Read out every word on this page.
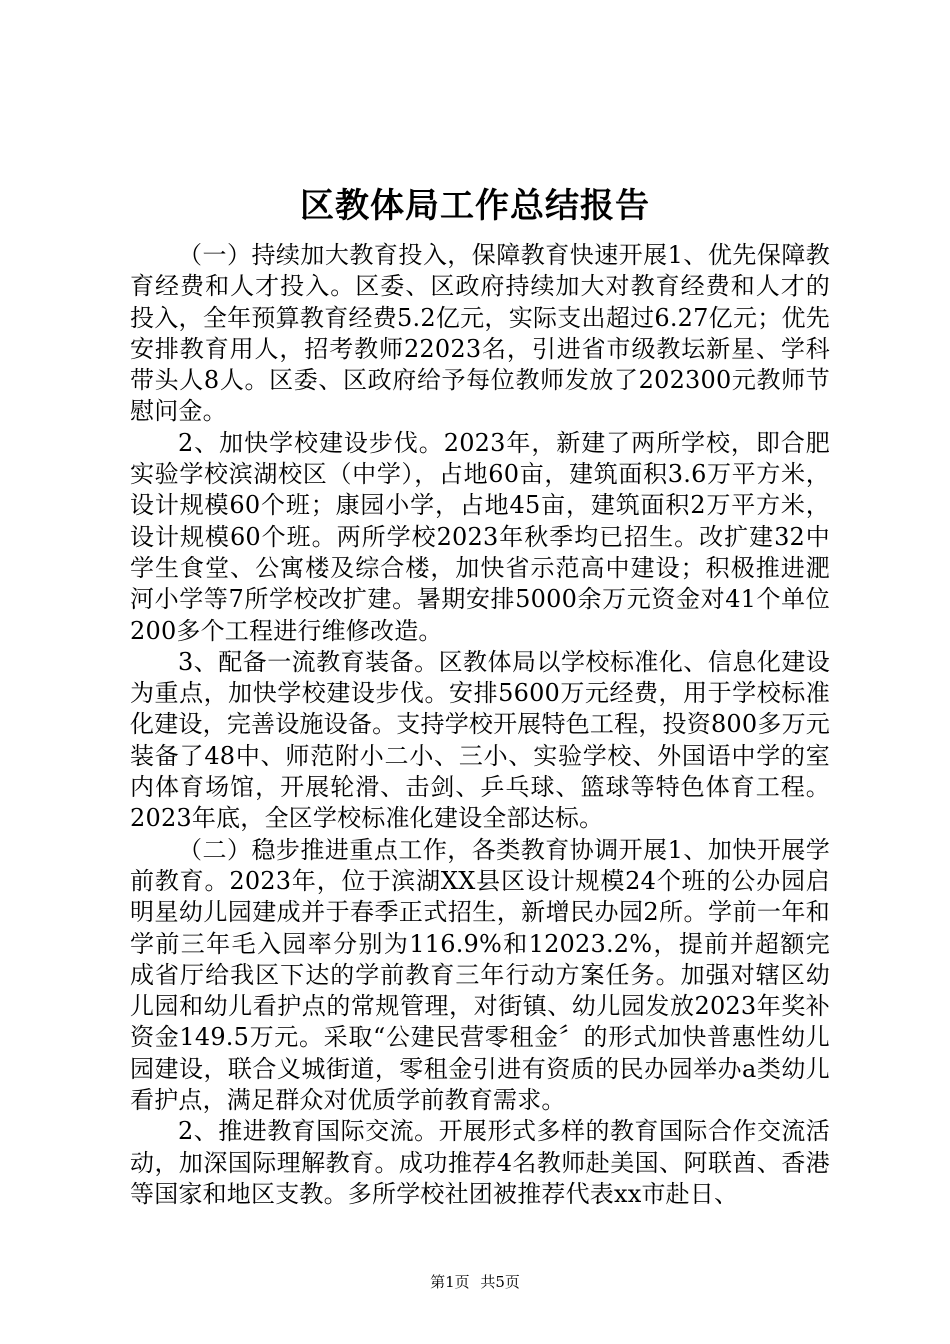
区教体局工作总结报告

（一）持续加大教育投入，保障教育快速开展1、优先保障教育经费和人才投入。区委、区政府持续加大对教育经费和人才的投入，全年预算教育经费5.2亿元，实际支出超过6.27亿元；优先安排教育用人，招考教师22023名，引进省市级教坛新星、学科带头人8人。区委、区政府给予每位教师发放了202300元教师节慰问金。

2、加快学校建设步伐。2023年，新建了两所学校，即合肥实验学校滨湖校区（中学），占地60亩，建筑面积3.6万平方米，设计规模60个班；康园小学，占地45亩，建筑面积2万平方米，设计规模60个班。两所学校2023年秋季均已招生。改扩建32中学生食堂、公寓楼及综合楼，加快省示范高中建设；积极推进淝河小学等7所学校改扩建。暑期安排5000余万元资金对41个单位200多个工程进行维修改造。

3、配备一流教育装备。区教体局以学校标准化、信息化建设为重点，加快学校建设步伐。安排5600万元经费，用于学校标准化建设，完善设施设备。支持学校开展特色工程，投资800多万元装备了48中、师范附小二小、三小、实验学校、外国语中学的室内体育场馆，开展轮滑、击剑、乒乓球、篮球等特色体育工程。2023年底，全区学校标准化建设全部达标。

（二）稳步推进重点工作，各类教育协调开展1、加快开展学前教育。2023年，位于滨湖XX县区设计规模24个班的公办园启明星幼儿园建成并于春季正式招生，新增民办园2所。学前一年和学前三年毛入园率分别为116.9%和12023.2%，提前并超额完成省厅给我区下达的学前教育三年行动方案任务。加强对辖区幼儿园和幼儿看护点的常规管理，对街镇、幼儿园发放2023年奖补资金149.5万元。采取“公建民营零租金〞的形式加快普惠性幼儿园建设，联合义城街道，零租金引进有资质的民办园举办a类幼儿看护点，满足群众对优质学前教育需求。

2、推进教育国际交流。开展形式多样的教育国际合作交流活动，加深国际理解教育。成功推荐4名教师赴美国、阿联酋、香港等国家和地区支教。多所学校社团被推荐代表xx市赴日、

第1页 共5页
